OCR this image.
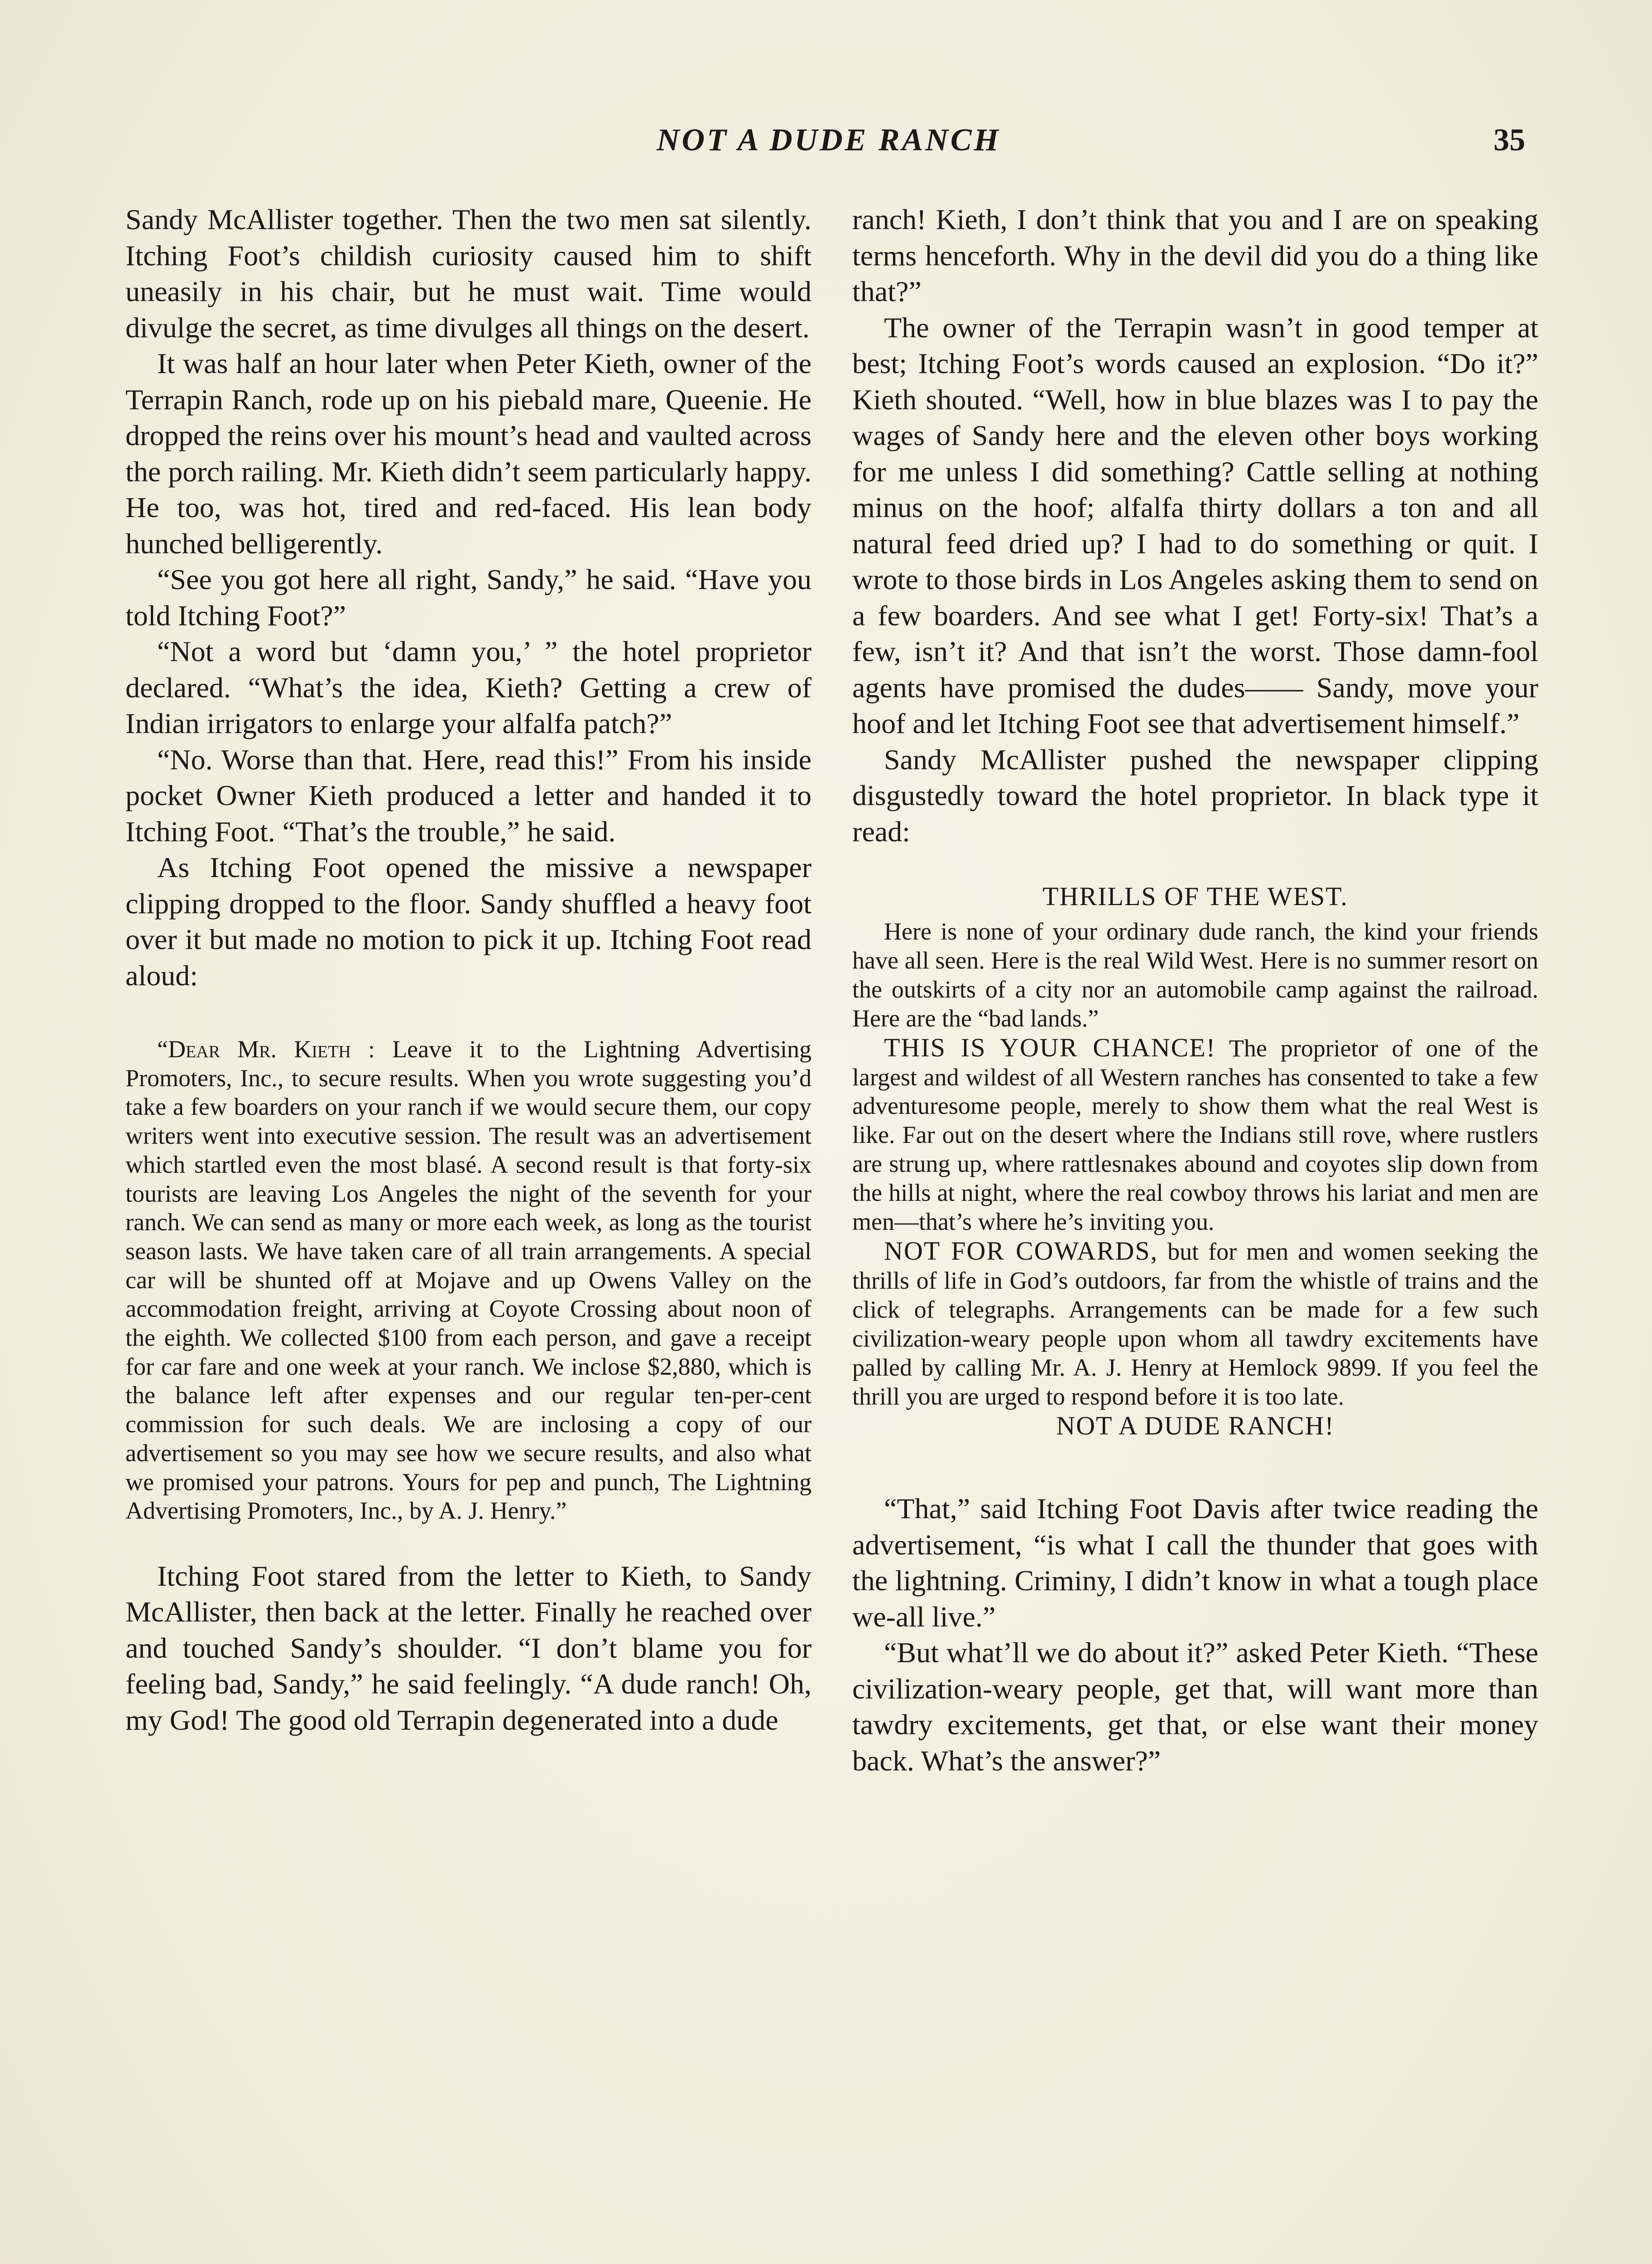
NOT A DUDE RANCH	35

Sandy McAllister together. Then the two men sat silently. Itching Foot’s childish curiosity caused him to shift uneasily in his chair, but he must wait. Time would divulge the secret, as time divulges all things on the desert.

It was half an hour later when Peter Kieth, owner of the Terrapin Ranch, rode up on his piebald mare, Queenie. He dropped the reins over his mount’s head and vaulted across the porch railing. Mr. Kieth didn’t seem particularly happy. He too, was hot, tired and red-faced. His lean body hunched belligerently.

“See you got here all right, Sandy,” he said. “Have you told Itching Foot?”

“Not a word but ‘damn you,’ ” the hotel proprietor declared. “What’s the idea, Kieth? Getting a crew of Indian irrigators to enlarge your alfalfa patch?”

“No. Worse than that. Here, read this!” From his inside pocket Owner Kieth produced a letter and handed it to Itching Foot. “That’s the trouble,” he said.

As Itching Foot opened the missive a newspaper clipping dropped to the floor. Sandy shuffled a heavy foot over it but made no motion to pick it up. Itching Foot read aloud:

“Dear Mr. Kieth : Leave it to the Lightning Advertising Promoters, Inc., to secure results. When you wrote suggesting you’d take a few boarders on your ranch if we would secure them, our copy writers went into executive session. The result was an advertisement which startled even the most blasé. A second result is that forty-six tourists are leaving Los Angeles the night of the seventh for your ranch. We can send as many or more each week, as long as the tourist season lasts. We have taken care of all train arrangements. A special car will be shunted off at Mojave and up Owens Valley on the accommodation freight, arriving at Coyote Crossing about noon of the eighth. We collected $100 from each person, and gave a receipt for car fare and one week at your ranch. We inclose $2,880, which is the balance left after expenses and our regular ten-per-cent commission for such deals. We are inclosing a copy of our advertisement so you may see how we secure results, and also what we promised your patrons. Yours for pep and punch, The Lightning Advertising Promoters, Inc., by A. J. Henry.”

Itching Foot stared from the letter to Kieth, to Sandy McAllister, then back at the letter. Finally he reached over and touched Sandy’s shoulder. “I don’t blame you for feeling bad, Sandy,” he said feelingly. “A dude ranch! Oh, my God! The good old Terrapin degenerated into a dude

ranch! Kieth, I don’t think that you and I are on speaking terms henceforth. Why in the devil did you do a thing like that?”

The owner of the Terrapin wasn’t in good temper at best; Itching Foot’s words caused an explosion. “Do it?” Kieth shouted. “Well, how in blue blazes was I to pay the wages of Sandy here and the eleven other boys working for me unless I did something? Cattle selling at nothing minus on the hoof; alfalfa thirty dollars a ton and all natural feed dried up? I had to do something or quit. I wrote to those birds in Los Angeles asking them to send on a few boarders. And see what I get! Forty-six! That’s a few, isn’t it? And that isn’t the worst. Those damn-fool agents have promised the dudes—— Sandy, move your hoof and let Itching Foot see that advertisement himself.”

Sandy McAllister pushed the newspaper clipping disgustedly toward the hotel proprietor. In black type it read:

THRILLS OF THE WEST.

Here is none of your ordinary dude ranch, the kind your friends have all seen. Here is the real Wild West. Here is no summer resort on the outskirts of a city nor an automobile camp against the railroad. Here are the “bad lands.”

THIS IS YOUR CHANCE! The proprietor of one of the largest and wildest of all Western ranches has consented to take a few adventuresome people, merely to show them what the real West is like. Far out on the desert where the Indians still rove, where rustlers are strung up, where rattlesnakes abound and coyotes slip down from the hills at night, where the real cowboy throws his lariat and men are men—that’s where he’s inviting you.

NOT FOR COWARDS, but for men and women seeking the thrills of life in God’s outdoors, far from the whistle of trains and the click of telegraphs. Arrangements can be made for a few such civilization-weary people upon whom all tawdry excitements have palled by calling Mr. A. J. Henry at Hemlock 9899. If you feel the thrill you are urged to respond before it is too late.

NOT A DUDE RANCH!

“That,” said Itching Foot Davis after twice reading the advertisement, “is what I call the thunder that goes with the lightning. Criminy, I didn’t know in what a tough place we-all live.”

“But what’ll we do about it?” asked Peter Kieth. “These civilization-weary people, get that, will want more than tawdry excitements, get that, or else want their money back. What’s the answer?”
